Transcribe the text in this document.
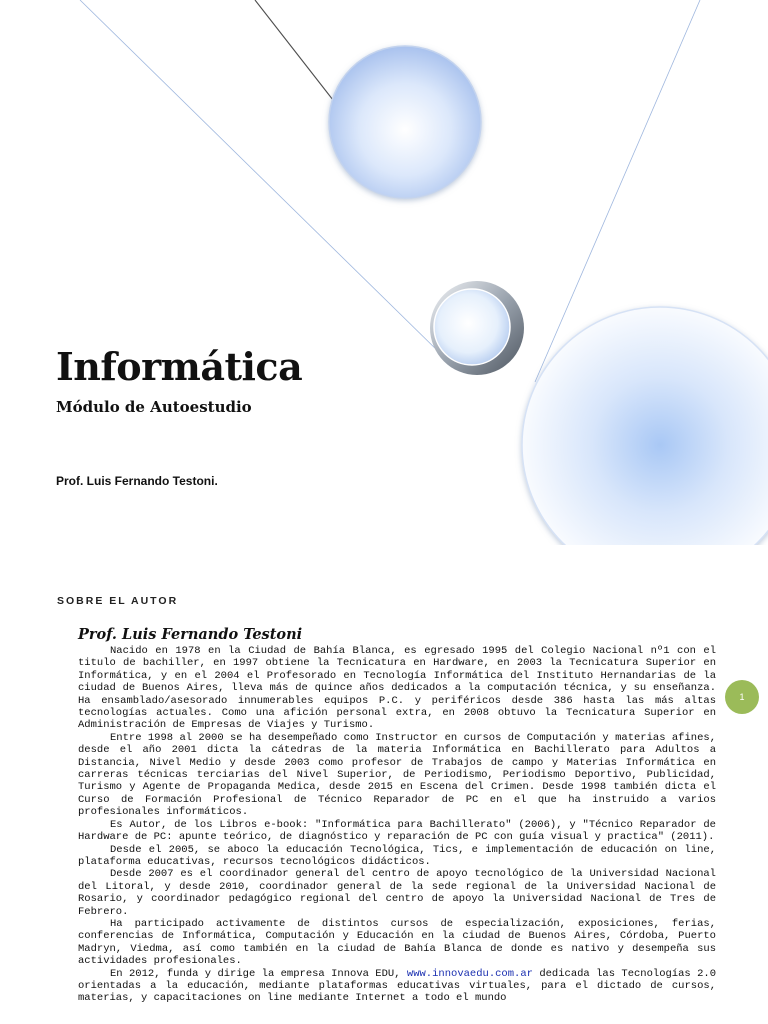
Informática
Módulo de Autoestudio

Prof. Luis Fernando Testoni.

SOBRE EL AUTOR
Prof. Luis Fernando Testoni

Nacido en 1978 en la Ciudad de Bahía Blanca, es egresado 1995 del Colegio Nacional nº1 con el titulo de bachiller, en 1997 obtiene la Tecnicatura en Hardware, en 2003 la Tecnicatura Superior en Informática, y en el 2004 el Profesorado en Tecnología Informática del Instituto Hernandarias de la ciudad de Buenos Aires, lleva más de quince años dedicados a la computación técnica, y su enseñanza. Ha ensamblado/asesorado innumerables equipos P.C. y periféricos desde 386 hasta las más altas tecnologías actuales. Como una afición personal extra, en 2008 obtuvo la Tecnicatura Superior en Administración de Empresas de Viajes y Turismo.

Entre 1998 al 2000 se ha desempeñado como Instructor en cursos de Computación y materias afines, desde el año 2001 dicta la cátedras de la materia Informática en Bachillerato para Adultos a Distancia, Nivel Medio y desde 2003 como profesor de Trabajos de campo y Materias Informática en carreras técnicas terciarias del Nivel Superior, de Periodismo, Periodismo Deportivo, Publicidad, Turismo y Agente de Propaganda Medica, desde 2015 en Escena del Crimen. Desde 1998 también dicta el Curso de Formación Profesional de Técnico Reparador de PC en el que ha instruido a varios profesionales informáticos.

Es Autor, de los Libros e-book: "Informática para Bachillerato" (2006), y "Técnico Reparador de Hardware de PC: apunte teórico, de diagnóstico y reparación de PC con guía visual y practica" (2011).

Desde el 2005, se aboco la educación Tecnológica, Tics, e implementación de educación on line, plataforma educativas, recursos tecnológicos didácticos.

Desde 2007 es el coordinador general del centro de apoyo tecnológico de la Universidad Nacional del Litoral, y desde 2010, coordinador general de la sede regional de la Universidad Nacional de Rosario, y coordinador pedagógico regional del centro de apoyo la Universidad Nacional de Tres de Febrero.

Ha participado activamente de distintos cursos de especialización, exposiciones, ferias, conferencias de Informática, Computación y Educación en la ciudad de Buenos Aires, Córdoba, Puerto Madryn, Viedma, así como también en la ciudad de Bahía Blanca de donde es nativo y desempeña sus actividades profesionales.

En 2012, funda y dirige la empresa Innova EDU, www.innovaedu.com.ar dedicada las Tecnologías 2.0 orientadas a la educación, mediante plataformas educativas virtuales, para el dictado de cursos, materias, y capacitaciones on line mediante Internet a todo el mundo

1
